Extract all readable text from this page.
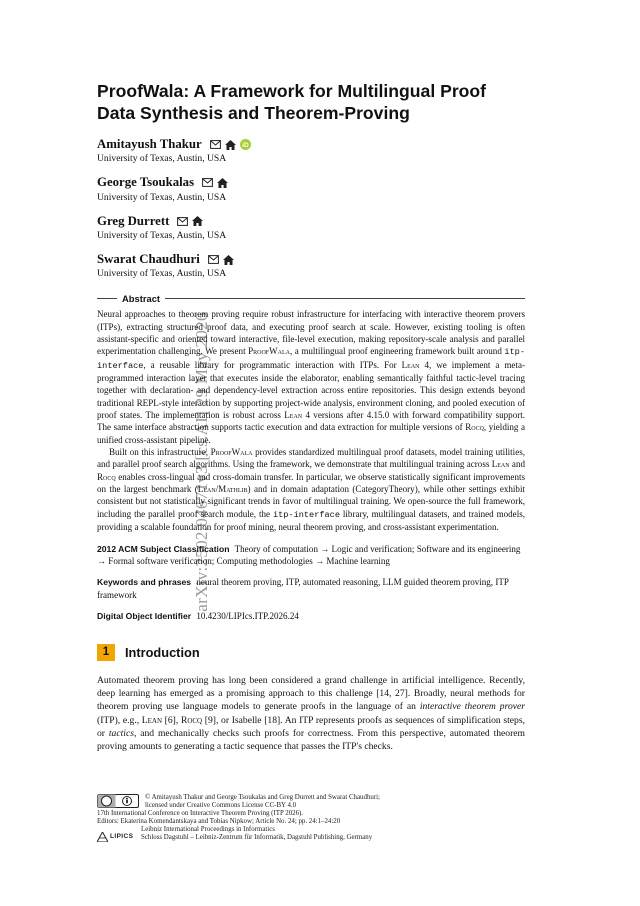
arXiv:2502.04671v3 [cs.AI] 29 May 2026
ProofWala: A Framework for Multilingual Proof
Data Synthesis and Theorem-Proving
Amitayush Thakur	iD
University of Texas, Austin, USA
George Tsoukalas
University of Texas, Austin, USA
Greg Durrett
University of Texas, Austin, USA
Swarat Chaudhuri
University of Texas, Austin, USA
Abstract

Neural approaches to theorem proving require robust infrastructure for interfacing with interactive theorem provers (ITPs), extracting structured proof data, and executing proof search at scale. However, existing tooling is often assistant-specific and oriented toward interactive, file-level execution, making repository-scale analysis and parallel experimentation challenging. We present ProofWala, a multilingual proof engineering framework built around itp-interface, a reusable library for programmatic interaction with ITPs. For Lean 4, we implement a meta-programmed interaction layer that executes inside the elaborator, enabling semantically faithful tactic-level tracing together with declaration- and dependency-level extraction across entire repositories. This design extends beyond traditional REPL-style interaction by supporting project-wide analysis, environment cloning, and pooled execution of proof states. The implementation is robust across Lean 4 versions after 4.15.0 with forward compatibility support. The same interface abstraction supports tactic execution and data extraction for multiple versions of Rocq, yielding a unified cross-assistant pipeline.

Built on this infrastructure, ProofWala provides standardized multilingual proof datasets, model training utilities, and parallel proof search algorithms. Using the framework, we demonstrate that multilingual training across Lean and Rocq enables cross-lingual and cross-domain transfer. In particular, we observe statistically significant improvements on the largest benchmark (Lean/Mathlib) and in domain adaptation (CategoryTheory), while other settings exhibit consistent but not statistically significant trends in favor of multilingual training. We open-source the full framework, including the parallel proof search module, the itp-interface library, multilingual datasets, and trained models, providing a scalable foundation for proof mining, neural theorem proving, and cross-assistant experimentation.

2012 ACM Subject Classification Theory of computation → Logic and verification; Software and its engineering → Formal software verification; Computing methodologies → Machine learning
Keywords and phrases neural theorem proving, ITP, automated reasoning, LLM guided theorem proving, ITP framework
Digital Object Identifier 10.4230/LIPIcs.ITP.2026.24
1	Introduction

Automated theorem proving has long been considered a grand challenge in artificial intelligence. Recently, deep learning has emerged as a promising approach to this challenge [14, 27]. Broadly, neural methods for theorem proving use language models to generate proofs in the language of an interactive theorem prover (ITP), e.g., Lean [6], Rocq [9], or Isabelle [18]. An ITP represents proofs as sequences of simplification steps, or tactics, and mechanically checks such proofs for correctness. From this perspective, automated theorem proving amounts to generating a tactic sequence that passes the ITP's checks.

© Amitayush Thakur and George Tsoukalas and Greg Durrett and Swarat Chaudhuri;
licensed under Creative Commons License CC-BY 4.0
17th International Conference on Interactive Theorem Proving (ITP 2026).
Editors: Ekaterina Komendantskaya and Tobias Nipkow; Article No. 24; pp. 24:1–24:20
LIPICS
Leibniz International Proceedings in Informatics
Schloss Dagstuhl – Leibniz-Zentrum für Informatik, Dagstuhl Publishing, Germany
